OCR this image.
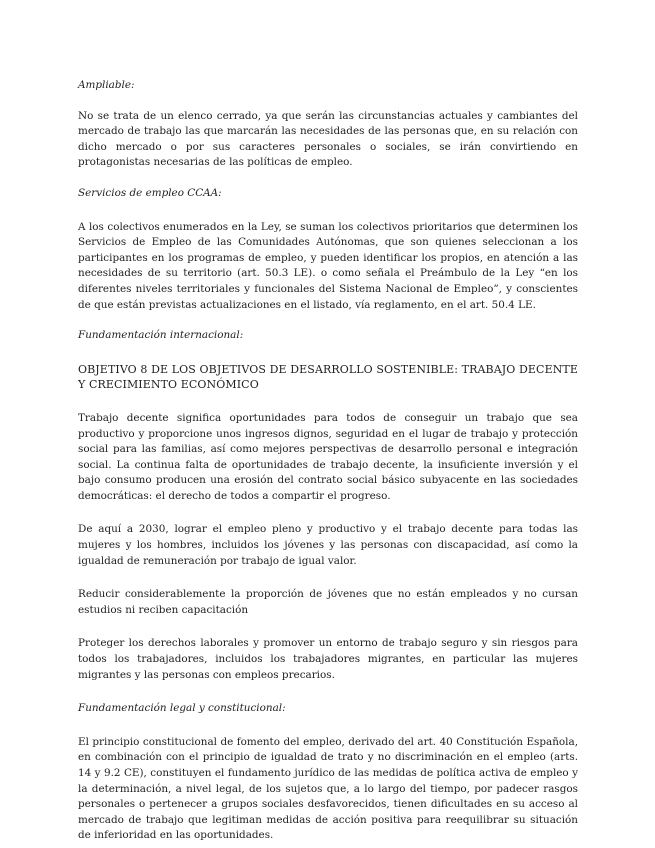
Ampliable:

No se trata de un elenco cerrado, ya que serán las circunstancias actuales y cambiantes del mercado de trabajo las que marcarán las necesidades de las personas que, en su relación con dicho mercado o por sus caracteres personales o sociales, se irán convirtiendo en protagonistas necesarias de las políticas de empleo.

Servicios de empleo CCAA:

A los colectivos enumerados en la Ley, se suman los colectivos prioritarios que determinen los Servicios de Empleo de las Comunidades Autónomas, que son quienes seleccionan a los participantes en los programas de empleo, y pueden identificar los propios, en atención a las necesidades de su territorio (art. 50.3 LE). o como señala el Preámbulo de la Ley “en los diferentes niveles territoriales y funcionales del Sistema Nacional de Empleo”, y conscientes de que están previstas actualizaciones en el listado, vía reglamento, en el art. 50.4 LE.

Fundamentación internacional:

OBJETIVO 8 DE LOS OBJETIVOS DE DESARROLLO SOSTENIBLE: TRABAJO DECENTE Y CRECIMIENTO ECONÓMICO

Trabajo decente significa oportunidades para todos de conseguir un trabajo que sea productivo y proporcione unos ingresos dignos, seguridad en el lugar de trabajo y protección social para las familias, así como mejores perspectivas de desarrollo personal e integración social. La continua falta de oportunidades de trabajo decente, la insuficiente inversión y el bajo consumo producen una erosión del contrato social básico subyacente en las sociedades democráticas: el derecho de todos a compartir el progreso.

De aquí a 2030, lograr el empleo pleno y productivo y el trabajo decente para todas las mujeres y los hombres, incluidos los jóvenes y las personas con discapacidad, así como la igualdad de remuneración por trabajo de igual valor.

Reducir considerablemente la proporción de jóvenes que no están empleados y no cursan estudios ni reciben capacitación

Proteger los derechos laborales y promover un entorno de trabajo seguro y sin riesgos para todos los trabajadores, incluidos los trabajadores migrantes, en particular las mujeres migrantes y las personas con empleos precarios.

Fundamentación legal y constitucional:

El principio constitucional de fomento del empleo, derivado del art. 40 Constitución Española, en combinación con el principio de igualdad de trato y no discriminación en el empleo (arts. 14 y 9.2 CE), constituyen el fundamento jurídico de las medidas de política activa de empleo y la determinación, a nivel legal, de los sujetos que, a lo largo del tiempo, por padecer rasgos personales o pertenecer a grupos sociales desfavorecidos, tienen dificultades en su acceso al mercado de trabajo que legitiman medidas de acción positiva para reequilibrar su situación de inferioridad en las oportunidades.
